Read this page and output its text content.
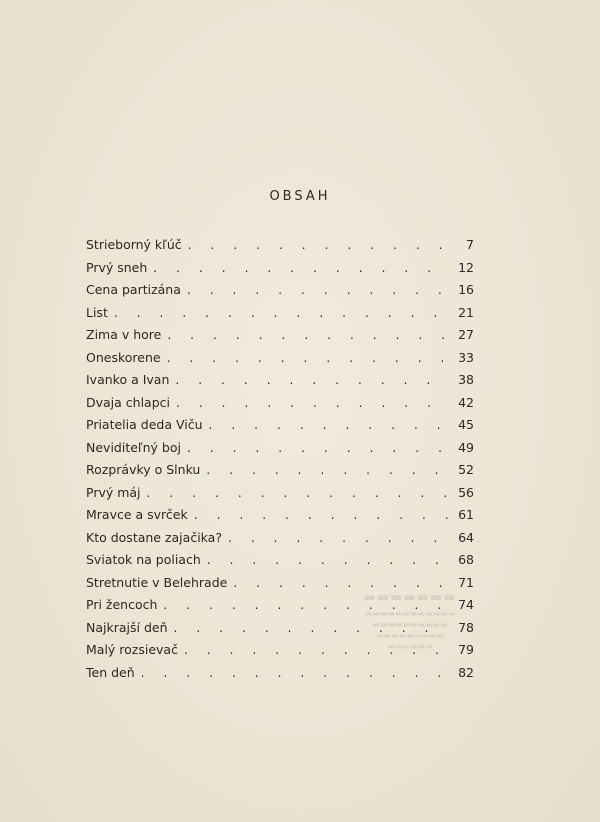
OBSAH
Strieborný kľúč . . .	7
Prvý sneh . . .	12
Cena partizána . . .	16
List . . .	21
Zima v hore . . .	27
Oneskorene . . .	33
Ivanko a Ivan . . .	38
Dvaja chlapci . . .	42
Priatelia deda Viču . . .	45
Neviditeľný boj . . .	49
Rozprávky o Slnku . . .	52
Prvý máj . . .	56
Mravce a svrček . . .	61
Kto dostane zajačika? . . .	64
Sviatok na poliach . . .	68
Stretnutie v Belehrade . . .	71
Pri žencoch . . .	74
Najkrajší deň . . .	78
Malý rozsievač . . .	79
Ten deň . . .	82
▬▬▬▬▬▬▬
▬▬▬▬▬▬▬▬▬▬▬▬
▬▬▬▬▬▬▬▬▬▬
▬▬▬▬▬▬▬▬▬
▬▬▬▬▬▬
